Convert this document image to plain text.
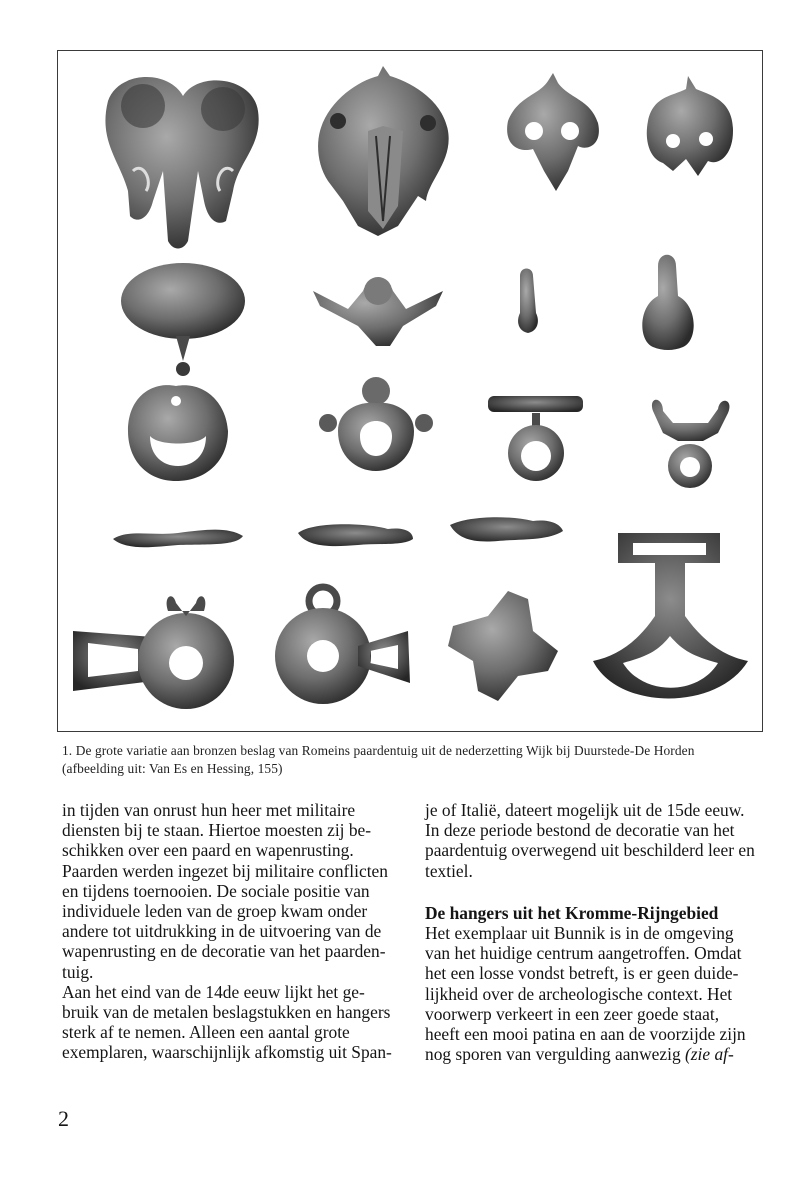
1. De grote variatie aan bronzen beslag van Romeins paardentuig uit de nederzetting Wijk bij Duurstede-De Horden
(afbeelding uit: Van Es en Hessing, 155)
in tijden van onrust hun heer met militaire
diensten bij te staan. Hiertoe moesten zij be-
schikken over een paard en wapenrusting.
Paarden werden ingezet bij militaire conflicten
en tijdens toernooien. De sociale positie van
individuele leden van de groep kwam onder
andere tot uitdrukking in de uitvoering van de
wapenrusting en de decoratie van het paarden-
tuig.
Aan het eind van de 14de eeuw lijkt het ge-
bruik van de metalen beslagstukken en hangers
sterk af te nemen. Alleen een aantal grote
exemplaren, waarschijnlijk afkomstig uit Span-
je of Italië, dateert mogelijk uit de 15de eeuw.
In deze periode bestond de decoratie van het
paardentuig overwegend uit beschilderd leer en
textiel.
De hangers uit het Kromme-Rijngebied
Het exemplaar uit Bunnik is in de omgeving
van het huidige centrum aangetroffen. Omdat
het een losse vondst betreft, is er geen duide-
lijkheid over de archeologische context. Het
voorwerp verkeert in een zeer goede staat,
heeft een mooi patina en aan de voorzijde zijn
nog sporen van vergulding aanwezig (zie af-
2
